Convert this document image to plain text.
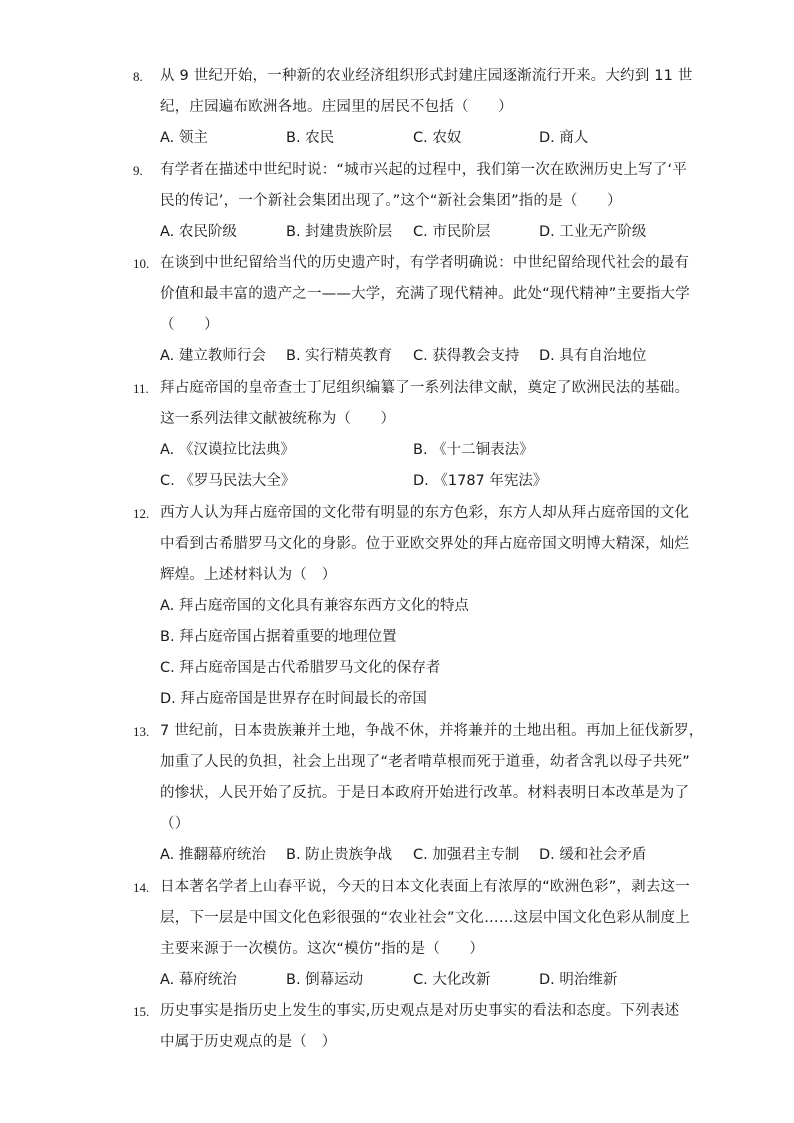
8. 从 9 世纪开始，一种新的农业经济组织形式封建庄园逐渐流行开来。大约到 11 世

纪，庄园遍布欧洲各地。庄园里的居民不包括（　　）

A. 领主	B. 农民	C. 农奴	D. 商人
9. 有学者在描述中世纪时说：“城市兴起的过程中，我们第一次在欧洲历史上写了‘平

民的传记’，一个新社会集团出现了。”这个“新社会集团”指的是（　　）

A. 农民阶级	B. 封建贵族阶层 C. 市民阶层	D. 工业无产阶级
10. 在谈到中世纪留给当代的历史遗产时，有学者明确说：中世纪留给现代社会的最有

价值和最丰富的遗产之一——大学，充满了现代精神。此处“现代精神”主要指大学

（　　）

A. 建立教师行会 B. 实行精英教育 C. 获得教会支持 D. 具有自治地位
11. 拜占庭帝国的皇帝查士丁尼组织编纂了一系列法律文献，奠定了欧洲民法的基础。

这一系列法律文献被统称为（　　）

A. 《汉谟拉比法典》	B. 《十二铜表法》
C. 《罗马民法大全》	D. 《1787 年宪法》
12. 西方人认为拜占庭帝国的文化带有明显的东方色彩，东方人却从拜占庭帝国的文化

中看到古希腊罗马文化的身影。位于亚欧交界处的拜占庭帝国文明博大精深，灿烂

辉煌。上述材料认为（　）

A. 拜占庭帝国的文化具有兼容东西方文化的特点
B. 拜占庭帝国占据着重要的地理位置
C. 拜占庭帝国是古代希腊罗马文化的保存者
D. 拜占庭帝国是世界存在时间最长的帝国
13. 7 世纪前，日本贵族兼并土地，争战不休，并将兼并的土地出租。再加上征伐新罗，

加重了人民的负担，社会上出现了“老者啃草根而死于道垂，幼者含乳以母子共死”

的惨状，人民开始了反抗。于是日本政府开始进行改革。材料表明日本改革是为了

（）

A. 推翻幕府统治 B. 防止贵族争战 C. 加强君主专制 D. 缓和社会矛盾
14. 日本著名学者上山春平说，今天的日本文化表面上有浓厚的“欧洲色彩”，剥去这一

层，下一层是中国文化色彩很强的“农业社会”文化……这层中国文化色彩从制度上

主要来源于一次模仿。这次“模仿”指的是（　　）

A. 幕府统治	B. 倒幕运动	C. 大化改新	D. 明治维新
15. 历史事实是指历史上发生的事实,历史观点是对历史事实的看法和态度。下列表述

中属于历史观点的是（　）
